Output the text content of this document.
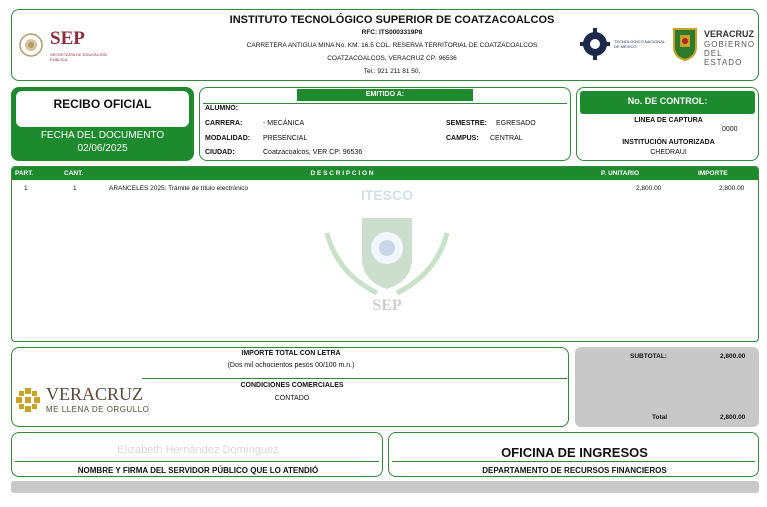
SEP
SECRETARÍA DE EDUCACIÓN PÚBLICA
INSTITUTO TECNOLÓGICO SUPERIOR DE COATZACOALCOS
RFC: ITS0003319P8
CARRETERA ANTIGUA MINA No. KM. 16.5 COL. RESERVA TERRITORIAL DE COATZACOALCOS
COATZACOALCOS, VERACRUZ CP: 96536
Tel.: 921 211 81 50,
TECNOLÓGICO NACIONAL DE MÉXICO
VERACRUZ
GOBIERNO
DEL ESTADO
RECIBO OFICIAL
FECHA DEL DOCUMENTO
02/06/2025
EMITIDO A:
ALUMNO:
CARRERA:	- MECÁNICA	SEMESTRE: EGRESADO
MODALIDAD: PRESENCIAL	CAMPUS: CENTRAL
CIUDAD:	Coatzacoalcos, VER CP: 96536
No. DE CONTROL:
LINEA DE CAPTURA
0000
INSTITUCIÓN AUTORIZADA
CHEDRAUI
PART.	CANT.	D E S C R I P C I O N	P. UNITARIO	IMPORTE
ITESCO
SEP
1	1	ARANCELES 2025: Trámite de título electrónico	2,800.00	2,800.00
IMPORTE TOTAL CON LETRA
(Dos mil ochocientos pesos 00/100 m.n.)
CONDICIONES COMERCIALES
CONTADO
VERACRUZ
ME LLENA DE ORGULLO
SUBTOTAL:	2,800.00
Total	2,800.00
Elizabeth Hernández Domínguez
NOMBRE Y FIRMA DEL SERVIDOR PÚBLICO QUE LO ATENDIÓ
OFICINA DE INGRESOS
DEPARTAMENTO DE RECURSOS FINANCIEROS
